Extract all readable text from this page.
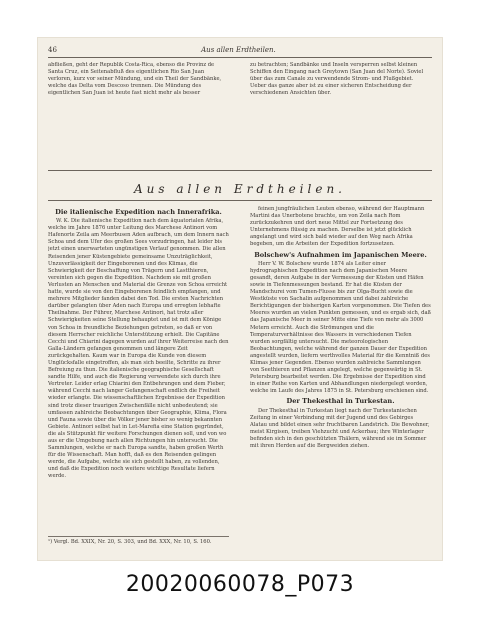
46	Aus allen Erdtheilen.
abfließen, geht der Republik Costa-Rica, ebenso die Provinz de Santa Cruz, ein Seitenabfluß des eigentlichen Rio San Juan verloren, kurz vor seiner Mündung, und ein Theil der Sandbänke, welche das Delta vom Descoso trennen. Die Mündung des eigentlichen San Juan ist heute fast nicht mehr als besser
zu betrachten; Sandbänke und Inseln versperren selbst kleinen Schiffen den Eingang nach Greytown (San Juan del Norte). Soviel über das zum Canale zu verwendende Strom- und Flußgebiet. Ueber das ganze aber ist zu einer sicheren Entscheidung der verschiedenen Ansichten über.
Aus allen Erdtheilen.
Die italienische Expedition nach Innerafrika.

W. K. Die italienische Expedition nach dem äquatorialen Afrika, welche im Jahre 1876 unter Leitung des Marchese Antinori vom Hafenorte Zeila am Meerbusen Aden aufbrach, um dem Innern nach Schoa und dem Ufer des großen Sees vorzudringen, hat leider bis jetzt einen unerwarteten ungünstigen Verlauf genommen. Die allen Reisenden jener Küstengebiete gemeinsame Unzuträglichkeit, Unzuverlässigkeit der Eingeborenen und des Klimas, die Schwierigkeit der Beschaffung von Trägern und Lastthieren, vereinten sich gegen die Expedition. Nachdem sie mit großen Verlusten an Menschen und Material die Grenze von Schoa erreicht hatte, wurde sie von den Eingeborenen feindlich empfangen, und mehrere Mitglieder fanden dabei den Tod. Die ersten Nachrichten darüber gelangten über Aden nach Europa und erregten lebhafte Theilnahme. Der Führer, Marchese Antinori, hat trotz aller Schwierigkeiten seine Stellung behauptet und ist mit dem Könige von Schoa in freundliche Beziehungen getreten, so daß er von diesem Herrscher reichliche Unterstützung erhielt. Die Capitäne Cecchi und Chiarini dagegen wurden auf ihrer Weiterreise nach den Galla-Ländern gefangen genommen und längere Zeit zurückgehalten. Kaum war in Europa die Kunde von diesem Unglücksfalle eingetroffen, als man sich beeilte, Schritte zu ihrer Befreiung zu thun. Die italienische geographische Gesellschaft sandte Hilfe, und auch die Regierung verwendete sich durch ihre Vertreter. Leider erlag Chiarini den Entbehrungen und dem Fieber, während Cecchi nach langer Gefangenschaft endlich die Freiheit wieder erlangte. Die wissenschaftlichen Ergebnisse der Expedition sind trotz dieser traurigen Zwischenfälle nicht unbedeutend; sie umfassen zahlreiche Beobachtungen über Geographie, Klima, Flora und Fauna sowie über die Völker jener bisher so wenig bekannten Gebiete. Antinori selbst hat in Let-Marefia eine Station gegründet, die als Stützpunkt für weitere Forschungen dienen soll, und von wo aus er die Umgebung nach allen Richtungen hin untersucht. Die Sammlungen, welche er nach Europa sandte, haben großen Werth für die Wissenschaft. Man hofft, daß es den Reisenden gelingen werde, die Aufgabe, welche sie sich gestellt haben, zu vollenden, und daß die Expedition noch weitere wichtige Resultate liefern werde.

¹) Vergl. Bd. XXIX, Nr. 20, S. 303, und Bd. XXX, Nr. 10, S. 160.

feinen jungfräulichen Leuten ebenso, während der Hauptmann Martini das Unerbotene brachte, um von Zeila nach Rom zurückzukehren und dort neue Mittel zur Fortsetzung des Unternehmens flüssig zu machen. Derselbe ist jetzt glücklich angelangt und wird sich bald wieder auf den Weg nach Afrika begeben, um die Arbeiten der Expedition fortzusetzen.

Bolschew's Aufnahmen im Japanischen Meere.

Herr V. W. Bolschew wurde 1874 als Leiter einer hydrographischen Expedition nach dem Japanischen Meere gesandt, deren Aufgabe in der Vermessung der Küsten und Häfen sowie in Tiefenmessungen bestand. Er hat die Küsten der Mandschurei vom Tumen-Flusse bis zur Olga-Bucht sowie die Westküste von Sachalin aufgenommen und dabei zahlreiche Berichtigungen der bisherigen Karten vorgenommen. Die Tiefen des Meeres wurden an vielen Punkten gemessen, und es ergab sich, daß das Japanische Meer in seiner Mitte eine Tiefe von mehr als 3000 Metern erreicht. Auch die Strömungen und die Temperaturverhältnisse des Wassers in verschiedenen Tiefen wurden sorgfältig untersucht. Die meteorologischen Beobachtungen, welche während der ganzen Dauer der Expedition angestellt wurden, liefern werthvolles Material für die Kenntniß des Klimas jener Gegenden. Ebenso wurden zahlreiche Sammlungen von Seethieren und Pflanzen angelegt, welche gegenwärtig in St. Petersburg bearbeitet werden. Die Ergebnisse der Expedition sind in einer Reihe von Karten und Abhandlungen niedergelegt worden, welche im Laufe des Jahres 1875 in St. Petersburg erschienen sind.

Der Thekesthal in Turkestan.

Der Thekesthal in Turkestan liegt nach der Turkestanischen Zeitung in einer Verbindung mit der Jugend und des Gebirges Alatau und bildet einen sehr fruchtbaren Landstrich. Die Bewohner, meist Kirgisen, treiben Viehzucht und Ackerbau; ihre Winterlager befinden sich in den geschützten Thälern, während sie im Sommer mit ihren Herden auf die Bergweiden ziehen.

20020060078_P073
